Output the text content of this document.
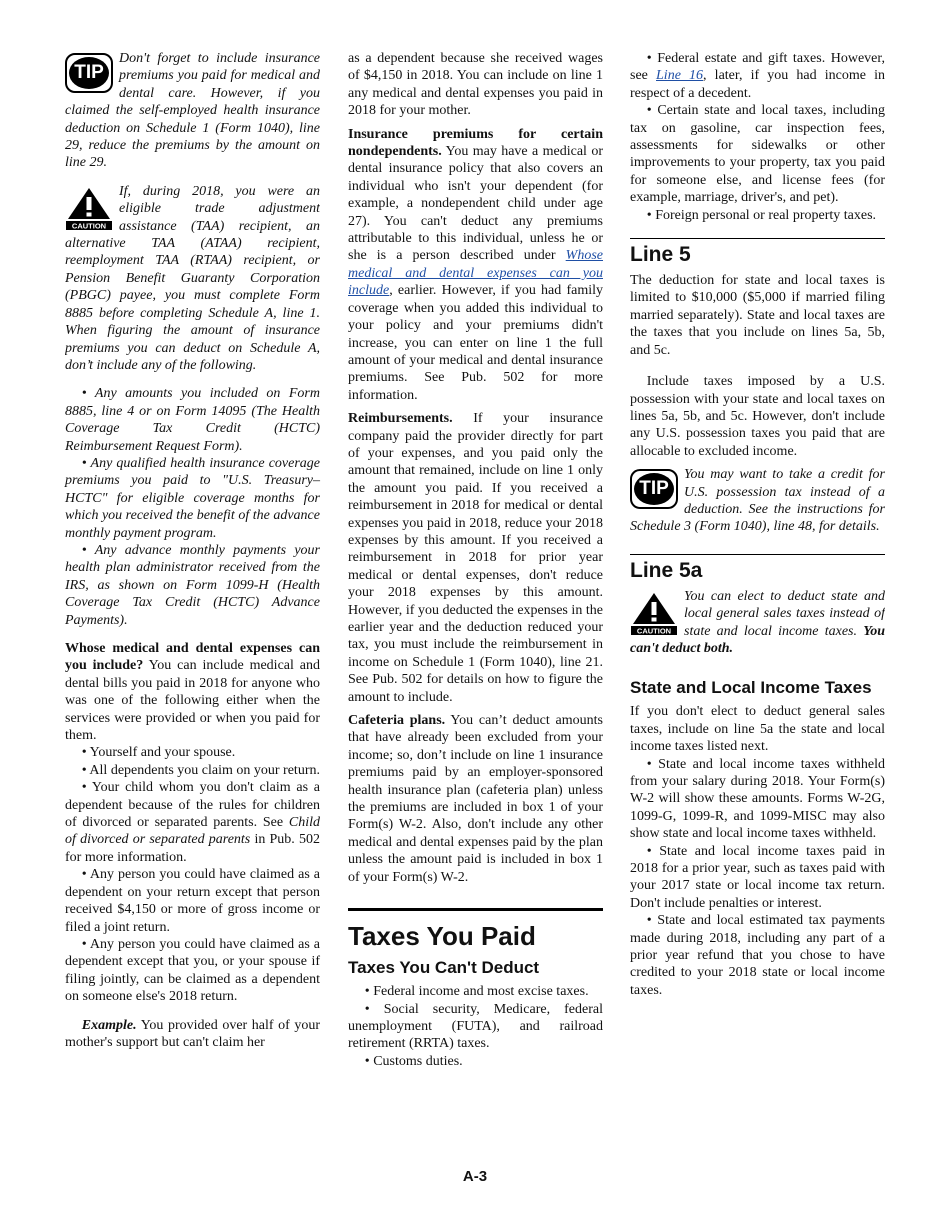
TIP

Don't forget to include insurance premiums you paid for medical and dental care. However, if you claimed the self-employed health insurance deduction on Schedule 1 (Form 1040), line 29, reduce the premiums by the amount on line 29.

CAUTION

If, during 2018, you were an eligible trade adjustment assistance (TAA) recipient, an alternative TAA (ATAA) recipient, reemployment TAA (RTAA) recipient, or Pension Benefit Guaranty Corporation (PBGC) payee, you must complete Form 8885 before completing Schedule A, line 1. When figuring the amount of insurance premiums you can deduct on Schedule A, don’t include any of the following.

• Any amounts you included on Form 8885, line 4 or on Form 14095 (The Health Coverage Tax Credit (HCTC) Reimbursement Request Form).

• Any qualified health insurance coverage premiums you paid to "U.S. Treasury–HCTC" for eligible coverage months for which you received the benefit of the advance monthly payment program.

• Any advance monthly payments your health plan administrator received from the IRS, as shown on Form 1099-H (Health Coverage Tax Credit (HCTC) Advance Payments).

Whose medical and dental expenses can you include? You can include medical and dental bills you paid in 2018 for anyone who was one of the following either when the services were provided or when you paid for them.

• Yourself and your spouse.

• All dependents you claim on your return.

• Your child whom you don't claim as a dependent because of the rules for children of divorced or separated parents. See Child of divorced or separated parents in Pub. 502 for more information.

• Any person you could have claimed as a dependent on your return except that person received $4,150 or more of gross income or filed a joint return.

• Any person you could have claimed as a dependent except that you, or your spouse if filing jointly, can be claimed as a dependent on someone else's 2018 return.

Example. You provided over half of your mother's support but can't claim her

as a dependent because she received wages of $4,150 in 2018. You can include on line 1 any medical and dental expenses you paid in 2018 for your mother.

Insurance premiums for certain nondependents. You may have a medical or dental insurance policy that also covers an individual who isn't your dependent (for example, a nondependent child under age 27). You can't deduct any premiums attributable to this individual, unless he or she is a person described under Whose medical and dental expenses can you include, earlier. However, if you had family coverage when you added this individual to your policy and your premiums didn't increase, you can enter on line 1 the full amount of your medical and dental insurance premiums. See Pub. 502 for more information.

Reimbursements. If your insurance company paid the provider directly for part of your expenses, and you paid only the amount that remained, include on line 1 only the amount you paid. If you received a reimbursement in 2018 for medical or dental expenses you paid in 2018, reduce your 2018 expenses by this amount. If you received a reimbursement in 2018 for prior year medical or dental expenses, don't reduce your 2018 expenses by this amount. However, if you deducted the expenses in the earlier year and the deduction reduced your tax, you must include the reimbursement in income on Schedule 1 (Form 1040), line 21. See Pub. 502 for details on how to figure the amount to include.

Cafeteria plans. You can’t deduct amounts that have already been excluded from your income; so, don’t include on line 1 insurance premiums paid by an employer-sponsored health insurance plan (cafeteria plan) unless the premiums are included in box 1 of your Form(s) W-2. Also, don't include any other medical and dental expenses paid by the plan unless the amount paid is included in box 1 of your Form(s) W-2.

Taxes You Paid
Taxes You Can't Deduct

• Federal income and most excise taxes.

• Social security, Medicare, federal unemployment (FUTA), and railroad retirement (RRTA) taxes.

• Customs duties.

• Federal estate and gift taxes. However, see Line 16, later, if you had income in respect of a decedent.

• Certain state and local taxes, including tax on gasoline, car inspection fees, assessments for sidewalks or other improvements to your property, tax you paid for someone else, and license fees (for example, marriage, driver's, and pet).

• Foreign personal or real property taxes.

Line 5

The deduction for state and local taxes is limited to $10,000 ($5,000 if married filing married separately). State and local taxes are the taxes that you include on lines 5a, 5b, and 5c.

Include taxes imposed by a U.S. possession with your state and local taxes on lines 5a, 5b, and 5c. However, don't include any U.S. possession taxes you paid that are allocable to excluded income.

TIP

You may want to take a credit for U.S. possession tax instead of a deduction. See the instructions for Schedule 3 (Form 1040), line 48, for details.

Line 5a
CAUTION

You can elect to deduct state and local general sales taxes instead of state and local income taxes. You can't deduct both.

State and Local Income Taxes

If you don't elect to deduct general sales taxes, include on line 5a the state and local income taxes listed next.

• State and local income taxes withheld from your salary during 2018. Your Form(s) W-2 will show these amounts. Forms W-2G, 1099-G, 1099-R, and 1099-MISC may also show state and local income taxes withheld.

• State and local income taxes paid in 2018 for a prior year, such as taxes paid with your 2017 state or local income tax return. Don't include penalties or interest.

• State and local estimated tax payments made during 2018, including any part of a prior year refund that you chose to have credited to your 2018 state or local income taxes.

A-3
